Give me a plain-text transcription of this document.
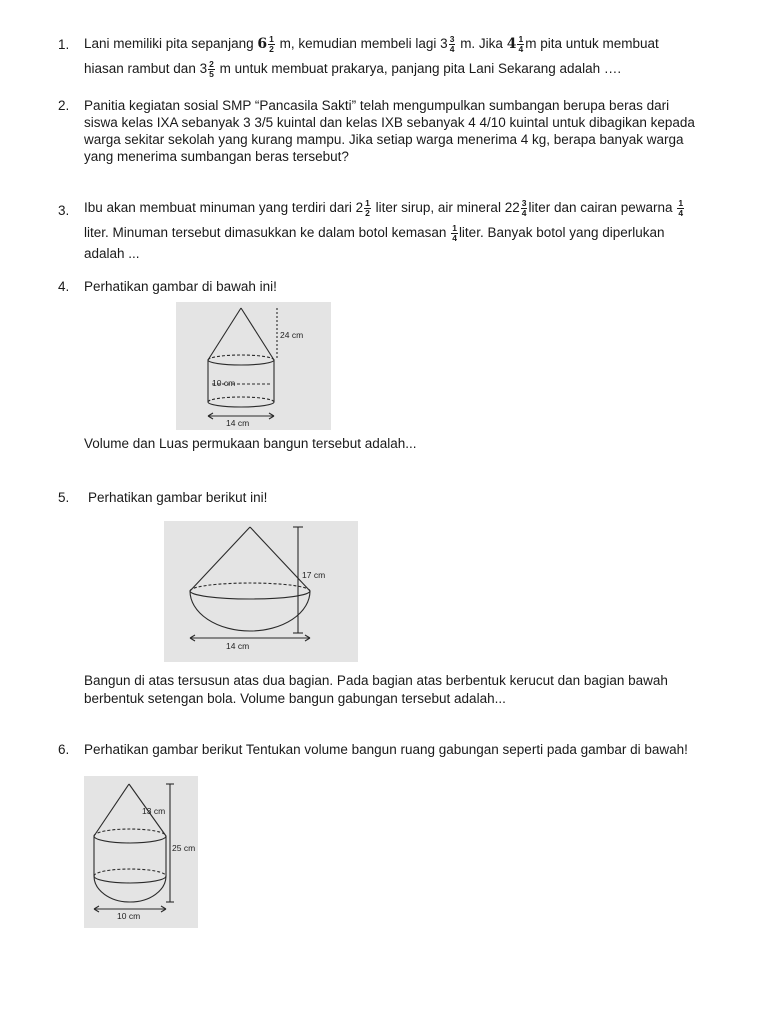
1. Lani memiliki pita sepanjang $6 \frac{1}{2} m$, kemudian membeli lagi $3 \frac{3}{4} m$. Jika $4 \frac{1}{4}$ m pita untuk membuat
hiasan rambut dan $3 \frac{2}{5}$ m untuk membuat prakarya, panjang pita Lani Sekarang adalah ….
2. Panitia kegiatan sosial SMP “Pancasila Sakti” telah mengumpulkan sumbangan berupa beras dari
siswa kelas IXA sebanyak 3 3/5 kuintal dan kelas IXB sebanyak 4 4/10 kuintal untuk dibagikan kepada
warga sekitar sekolah yang kurang mampu. Jika setiap warga menerima 4 kg, berapa banyak warga
yang menerima sumbangan beras tersebut?
3. Ibu akan membuat minuman yang terdiri dari $2 \frac{1}{2}$ liter sirup, air mineral $22 \frac{3}{4}$ liter dan cairan pewarna $\frac{1}{4}$
liter. Minuman tersebut dimasukkan ke dalam botol kemasan $\frac{1}{4}$ liter. Banyak botol yang diperlukan
adalah ...
4. Perhatikan gambar di bawah ini!
24 cm
10 cm
14 cm
Volume dan Luas permukaan bangun tersebut adalah...
5. Perhatikan gambar berikut ini!
17 cm
14 cm
Bangun di atas tersusun atas dua bagian. Pada bagian atas berbentuk kerucut dan bagian bawah
berbentuk setengan bola. Volume bangun gabungan tersebut adalah...
6. Perhatikan gambar berikut Tentukan volume bangun ruang gabungan seperti pada gambar di bawah!
13 cm
25 cm
10 cm
